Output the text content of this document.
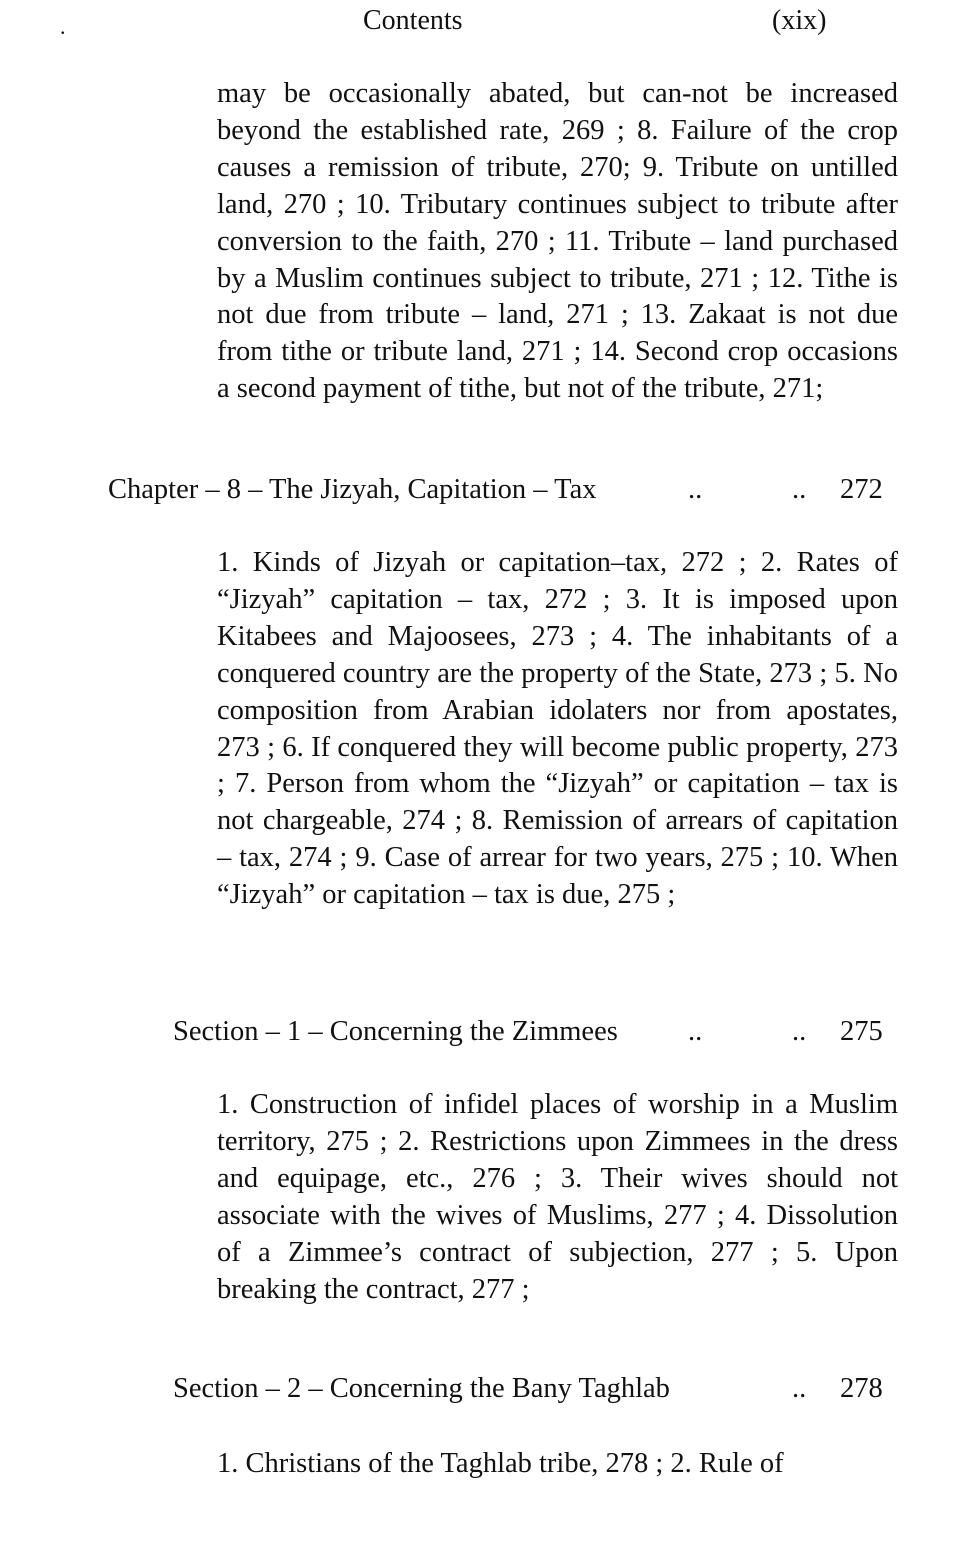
.	Contents	(xix)

may be occasionally abated, but can-not be increased beyond the established rate, 269 ; 8. Failure of the crop causes a remission of tribute, 270; 9. Tribute on untilled land, 270 ; 10. Tributary continues subject to tribute after conversion to the faith, 270 ; 11. Tribute – land purchased by a Muslim continues subject to tribute, 271 ; 12. Tithe is not due from tribute – land, 271 ; 13. Zakaat is not due from tithe or tribute land, 271 ; 14. Second crop occasions a second payment of tithe, but not of the tribute, 271;

Chapter – 8 – The Jizyah, Capitation – Tax	..	.. 272

1. Kinds of Jizyah or capitation–tax, 272 ; 2. Rates of “Jizyah” capitation – tax, 272 ; 3. It is imposed upon Kitabees and Majoosees, 273 ; 4. The inhabitants of a conquered country are the property of the State, 273 ; 5. No composition from Arabian idolaters nor from apostates, 273 ; 6. If conquered they will become public property, 273 ; 7. Person from whom the “Jizyah” or capitation – tax is not chargeable, 274 ; 8. Remission of arrears of capitation – tax, 274 ; 9. Case of arrear for two years, 275 ; 10. When “Jizyah” or capitation – tax is due, 275 ;

Section – 1 – Concerning the Zimmees ..	.. 275

1. Construction of infidel places of worship in a Muslim territory, 275 ; 2. Restrictions upon Zimmees in the dress and equipage, etc., 276 ; 3. Their wives should not associate with the wives of Muslims, 277 ; 4. Dissolution of a Zimmee’s contract of subjection, 277 ; 5. Upon breaking the contract, 277 ;

Section – 2 – Concerning the Bany Taghlab	.. 278

1. Christians of the Taghlab tribe, 278 ; 2. Rule of
